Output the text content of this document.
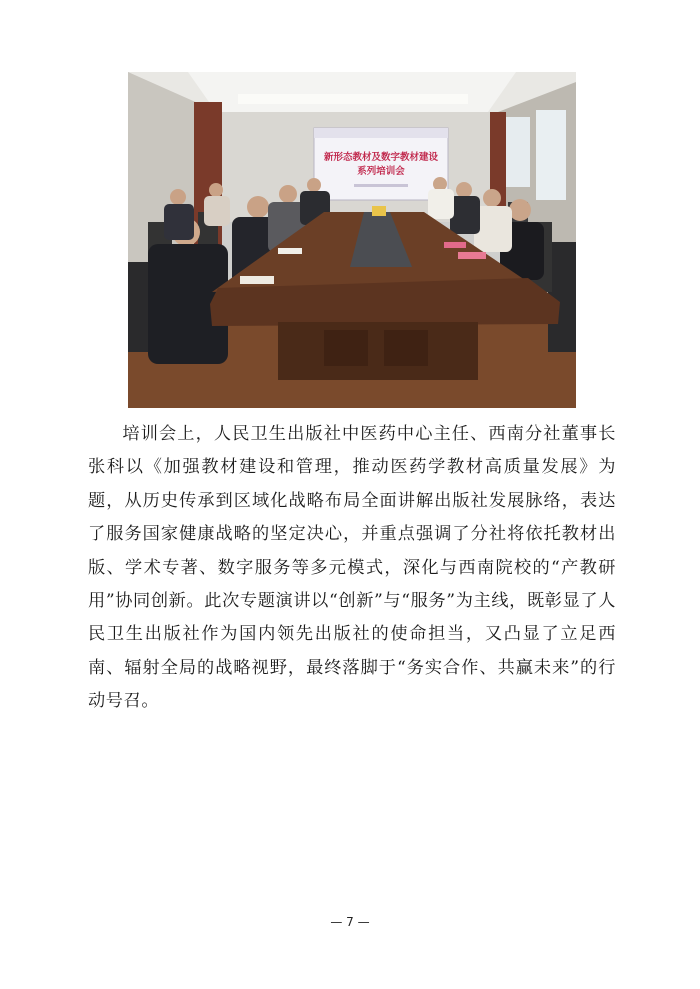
新形态教材及数字教材建设
系列培训会

培训会上，人民卫生出版社中医药中心主任、西南分社董事长张科以《加强教材建设和管理，推动医药学教材高质量发展》为题，从历史传承到区域化战略布局全面讲解出版社发展脉络，表达了服务国家健康战略的坚定决心，并重点强调了分社将依托教材出版、学术专著、数字服务等多元模式，深化与西南院校的“产教研用”协同创新。此次专题演讲以“创新”与“服务”为主线，既彰显了人民卫生出版社作为国内领先出版社的使命担当，又凸显了立足西南、辐射全局的战略视野，最终落脚于“务实合作、共赢未来”的行动号召。

— 7 —
